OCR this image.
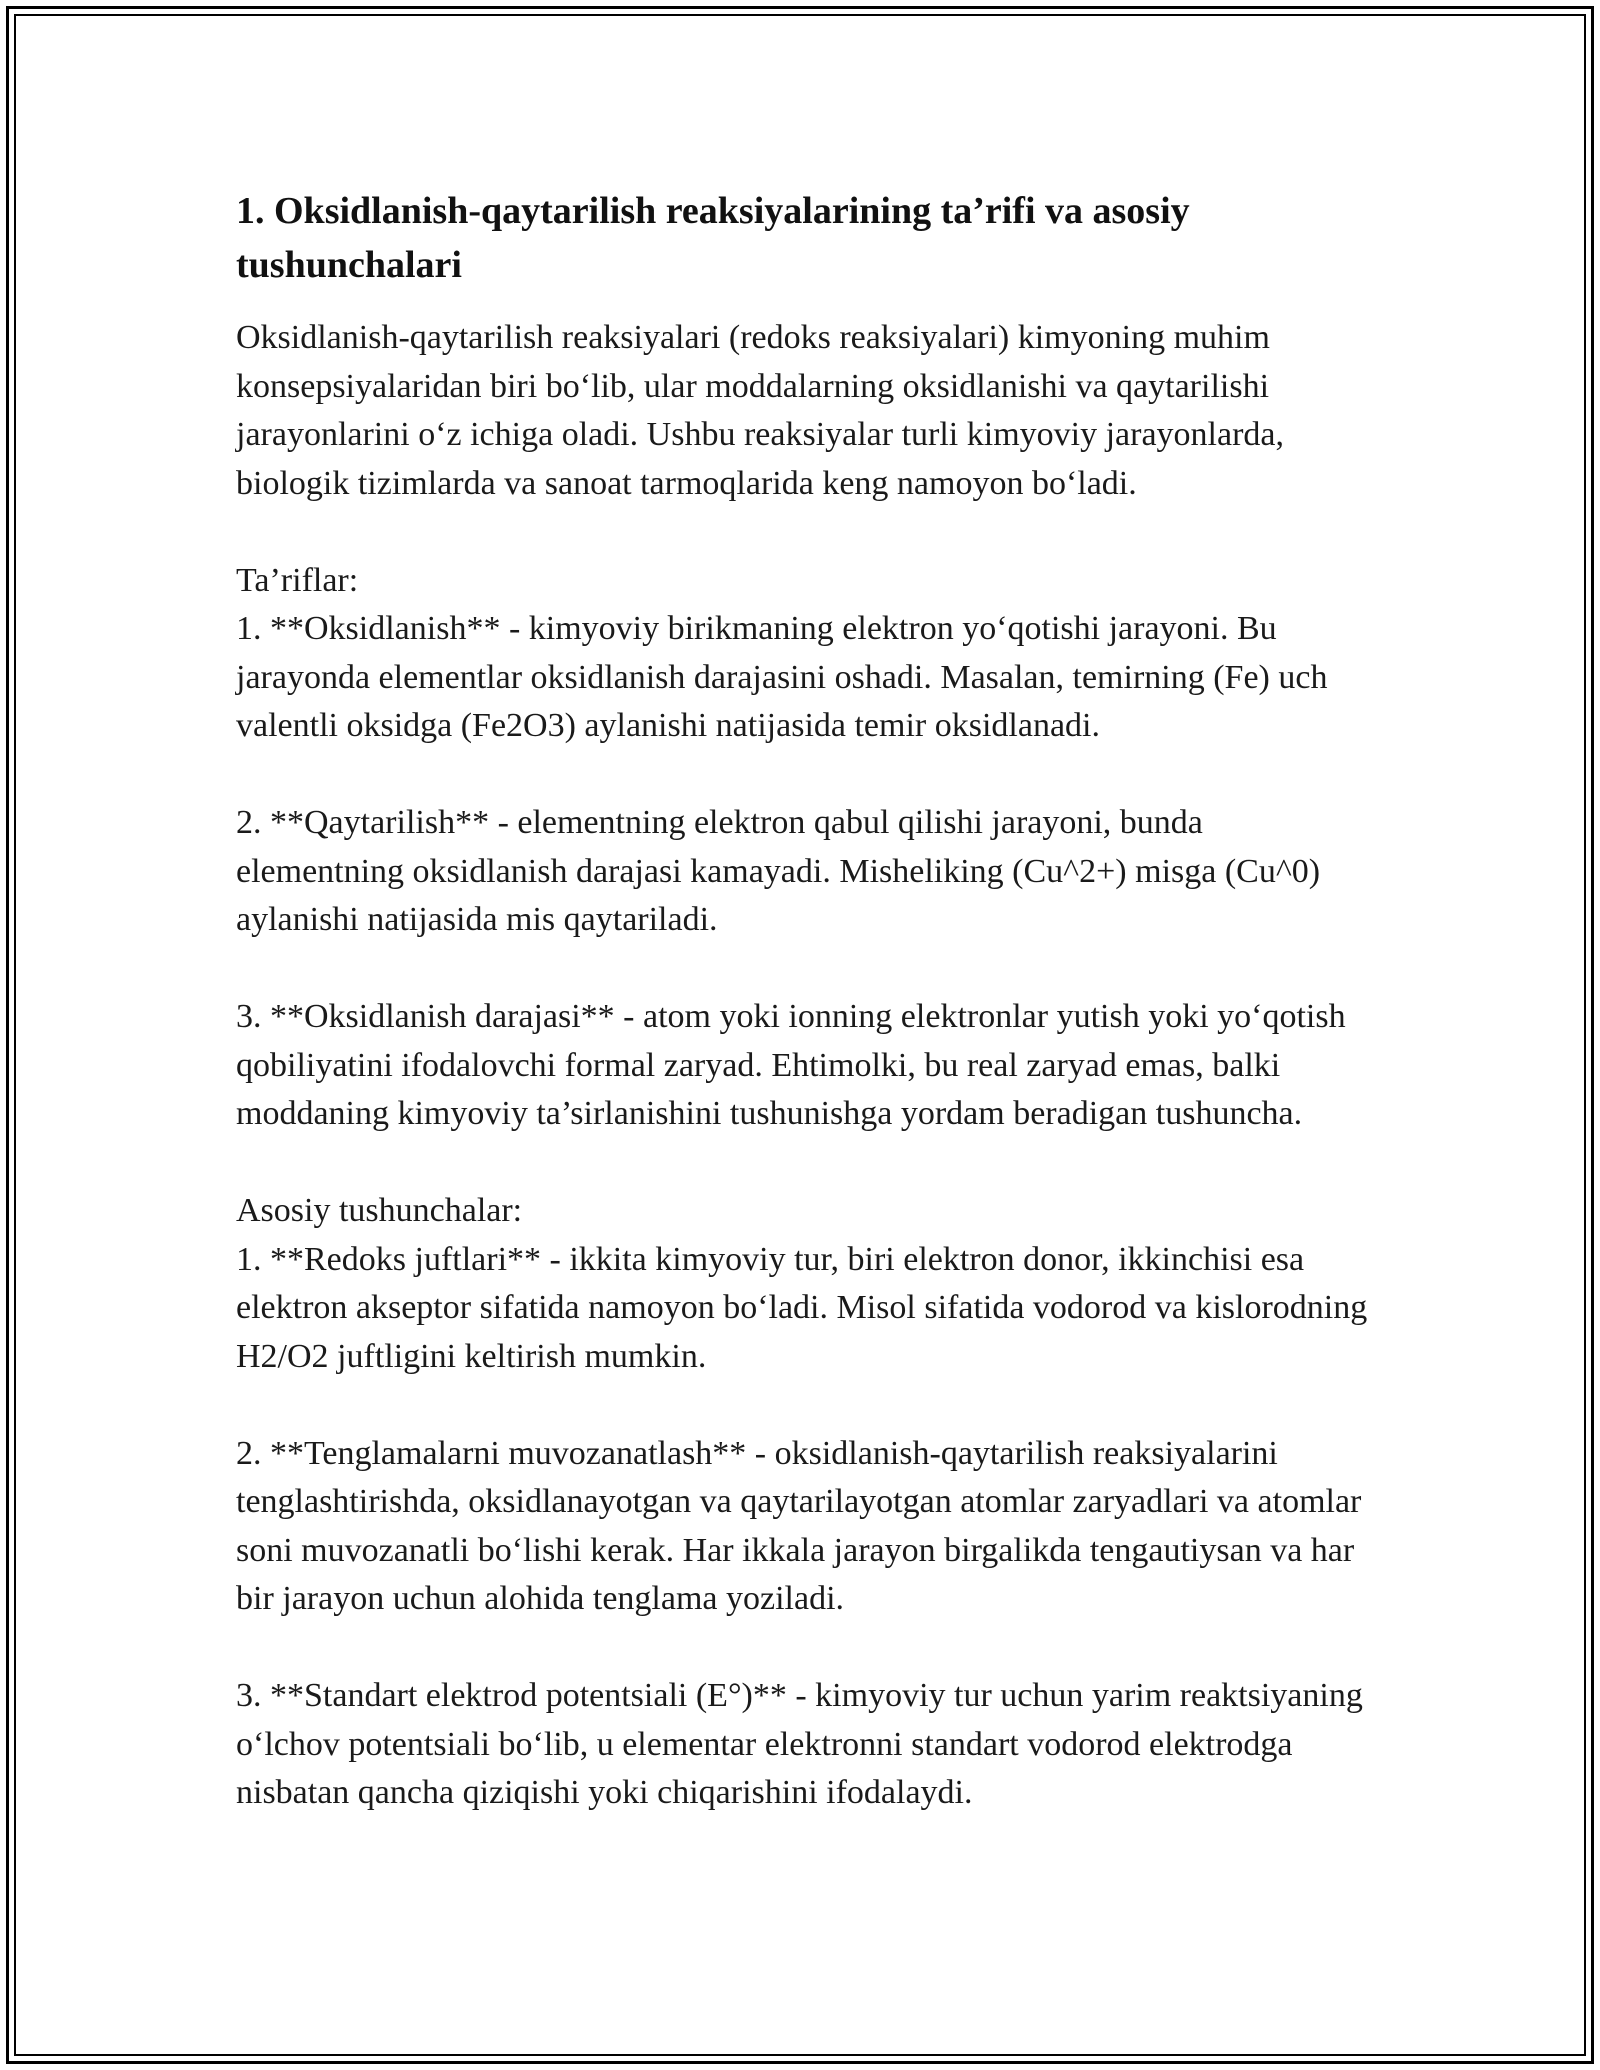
1. Oksidlanish-qaytarilish reaksiyalarining ta’rifi va asosiy tushunchalari

Oksidlanish-qaytarilish reaksiyalari (redoks reaksiyalari) kimyoning muhim konsepsiyalaridan biri bo‘lib, ular moddalarning oksidlanishi va qaytarilishi jarayonlarini o‘z ichiga oladi. Ushbu reaksiyalar turli kimyoviy jarayonlarda, biologik tizimlarda va sanoat tarmoqlarida keng namoyon bo‘ladi.

Ta’riflar:

1. **Oksidlanish** - kimyoviy birikmaning elektron yo‘qotishi jarayoni. Bu jarayonda elementlar oksidlanish darajasini oshadi. Masalan, temirning (Fe) uch valentli oksidga (Fe2O3) aylanishi natijasida temir oksidlanadi.

2. **Qaytarilish** - elementning elektron qabul qilishi jarayoni, bunda elementning oksidlanish darajasi kamayadi. Misheliking (Cu^2+) misga (Cu^0) aylanishi natijasida mis qaytariladi.

3. **Oksidlanish darajasi** - atom yoki ionning elektronlar yutish yoki yo‘qotish qobiliyatini ifodalovchi formal zaryad. Ehtimolki, bu real zaryad emas, balki moddaning kimyoviy ta’sirlanishini tushunishga yordam beradigan tushuncha.

Asosiy tushunchalar:

1. **Redoks juftlari** - ikkita kimyoviy tur, biri elektron donor, ikkinchisi esa elektron akseptor sifatida namoyon bo‘ladi. Misol sifatida vodorod va kislorodning H2/O2 juftligini keltirish mumkin.

2. **Tenglamalarni muvozanatlash** - oksidlanish-qaytarilish reaksiyalarini tenglashtirishda, oksidlanayotgan va qaytarilayotgan atomlar zaryadlari va atomlar soni muvozanatli bo‘lishi kerak. Har ikkala jarayon birgalikda tengautiysan va har bir jarayon uchun alohida tenglama yoziladi.

3. **Standart elektrod potentsiali (E°)** - kimyoviy tur uchun yarim reaktsiyaning o‘lchov potentsiali bo‘lib, u elementar elektronni standart vodorod elektrodga nisbatan qancha qiziqishi yoki chiqarishini ifodalaydi.
